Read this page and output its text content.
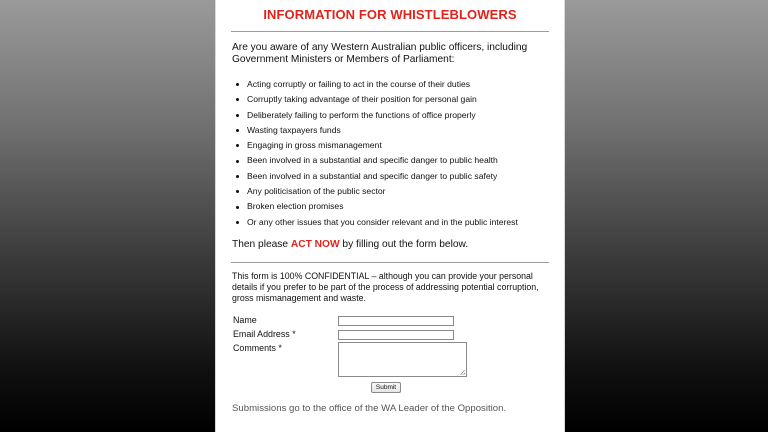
INFORMATION FOR WHISTLEBLOWERS
Are you aware of any Western Australian public officers, including Government Ministers or Members of Parliament:
Acting corruptly or failing to act in the course of their duties
Corruptly taking advantage of their position for personal gain
Deliberately failing to perform the functions of office properly
Wasting taxpayers funds
Engaging in gross mismanagement
Been involved in a substantial and specific danger to public health
Been involved in a substantial and specific danger to public safety
Any politicisation of the public sector
Broken election promises
Or any other issues that you consider relevant and in the public interest
Then please ACT NOW by filling out the form below.
This form is 100% CONFIDENTIAL – although you can provide your personal details if you prefer to be part of the process of addressing potential corruption, gross mismanagement and waste.
Name
Email Address *
Comments *
Submit
Submissions go to the office of the WA Leader of the Opposition.
